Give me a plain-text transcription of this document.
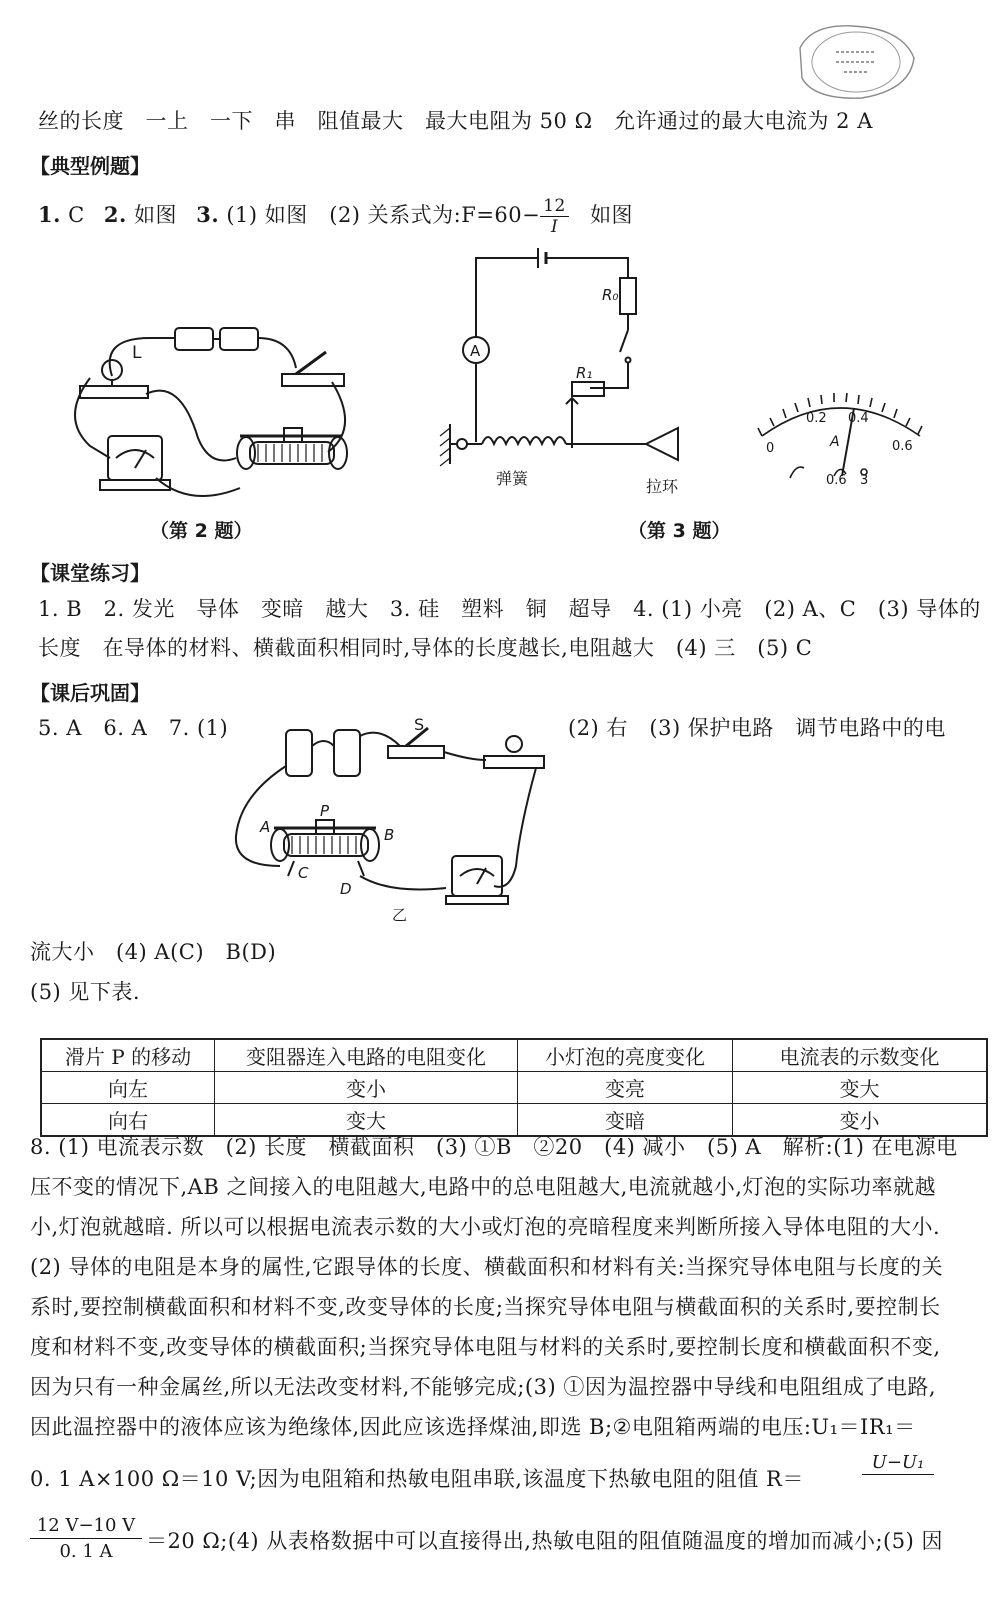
丝的长度　一上　一下　串　阻值最大　最大电阻为 50 Ω　允许通过的最大电流为 2 A
【典型例题】
1. C 2. 如图 3. (1) 如图　(2) 关系式为:F=60− $\frac{12}{I}$ 如图
L
（第 2 题）
R₀
R₁
A
弹簧	拉环
0
0.2 0.4
0.6
A
0.6 3
（第 3 题）
【课堂练习】
1. B　2. 发光　导体　变暗　越大　3. 硅　塑料　铜　超导　4. (1) 小亮　(2) A、C　(3) 导体的
长度　在导体的材料、横截面积相同时,导体的长度越长,电阻越大　(4) 三　(5) C
【课后巩固】
5. A　6. A　7. (1)	(2) 右　(3) 保护电路　调节电路中的电
S
A
P
B
C
D
乙
流大小　(4) A(C)　B(D)
(5) 见下表.
滑片 P 的移动	变阻器连入电路的电阻变化	小灯泡的亮度变化	电流表的示数变化
向左	变小	变亮	变大
向右	变大	变暗	变小
8. (1) 电流表示数　(2) 长度　横截面积　(3) ①B　②20　(4) 减小　(5) A　解析:(1) 在电源电
压不变的情况下,AB 之间接入的电阻越大,电路中的总电阻越大,电流就越小,灯泡的实际功率就越
小,灯泡就越暗. 所以可以根据电流表示数的大小或灯泡的亮暗程度来判断所接入导体电阻的大小.
(2) 导体的电阻是本身的属性,它跟导体的长度、横截面积和材料有关:当探究导体电阻与长度的关
系时,要控制横截面积和材料不变,改变导体的长度;当探究导体电阻与横截面积的关系时,要控制长
度和材料不变,改变导体的横截面积;当探究导体电阻与材料的关系时,要控制长度和横截面积不变,
因为只有一种金属丝,所以无法改变材料,不能够完成;(3) ①因为温控器中导线和电阻组成了电路,
因此温控器中的液体应该为绝缘体,因此应该选择煤油,即选 B;②电阻箱两端的电压:U₁＝IR₁＝
0. 1 A×100 Ω＝10 V;因为电阻箱和热敏电阻串联,该温度下热敏电阻的阻值 R＝
U−U₁
12 V−10 V
0. 1 A	＝20 Ω;(4) 从表格数据中可以直接得出,热敏电阻的阻值随温度的增加而减小;(5) 因
